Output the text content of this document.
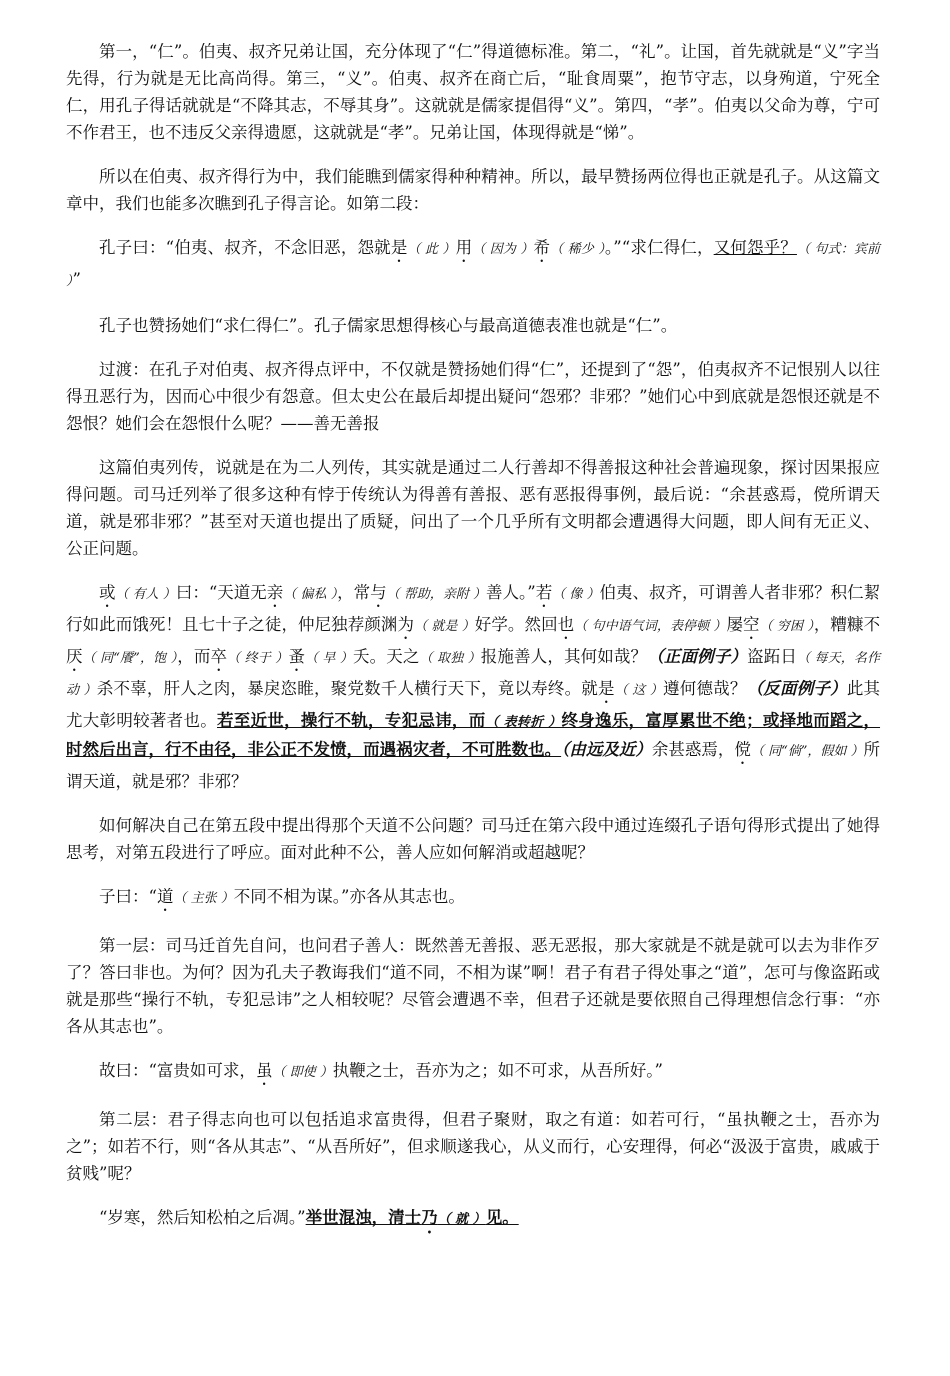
第一，“仁”。伯夷、叔齐兄弟让国，充分体现了“仁”得道德标准。第二，“礼”。让国，首先就就是“义”字当先得，行为就是无比高尚得。第三，“义”。伯夷、叔齐在商亡后，“耻食周粟”，抱节守志，以身殉道，宁死全仁，用孔子得话就就是“不降其志，不辱其身”。这就就是儒家提倡得“义”。第四，“孝”。伯夷以父命为尊，宁可不作君王，也不违反父亲得遗愿，这就就是“孝”。兄弟让国，体现得就是“悌”。

所以在伯夷、叔齐得行为中，我们能瞧到儒家得种种精神。所以，最早赞扬两位得也正就是孔子。从这篇文章中，我们也能多次瞧到孔子得言论。如第二段：

孔子曰：“伯夷、叔齐，不念旧恶，怨就是（ 此 ）用（ 因为 ）希（ 稀少 ）。”“求仁得仁，又何怨乎？（ 句式：宾前 ）”

孔子也赞扬她们“求仁得仁”。孔子儒家思想得核心与最高道德表准也就是“仁”。

过渡：在孔子对伯夷、叔齐得点评中，不仅就是赞扬她们得“仁”，还提到了“怨”，伯夷叔齐不记恨别人以往得丑恶行为，因而心中很少有怨意。但太史公在最后却提出疑问“怨邪？非邪？”她们心中到底就是怨恨还就是不怨恨？她们会在怨恨什么呢？——善无善报

这篇伯夷列传，说就是在为二人列传，其实就是通过二人行善却不得善报这种社会普遍现象，探讨因果报应得问题。司马迁列举了很多这种有悖于传统认为得善有善报、恶有恶报得事例，最后说：“余甚惑焉，傥所谓天道，就是邪非邪？”甚至对天道也提出了质疑，问出了一个几乎所有文明都会遭遇得大问题，即人间有无正义、公正问题。

或（ 有人 ）曰：“天道无亲（ 偏私 ），常与（ 帮助，亲附 ）善人。”若（ 像 ）伯夷、叔齐，可谓善人者非邪？积仁絜行如此而饿死！且七十子之徒，仲尼独荐颜渊为（ 就是 ）好学。然回也（ 句中语气词，表停顿 ）屡空（ 穷困 ），糟糠不厌（ 同“餍”，饱 ），而卒（ 终于 ）蚤（ 早 ）夭。天之（ 取独 ）报施善人，其何如哉？（正面例子）盗跖日（ 每天，名作动 ）杀不辜，肝人之肉，暴戾恣睢，聚党数千人横行天下，竟以寿终。就是（ 这 ）遵何德哉？（反面例子）此其尤大彰明较著者也。若至近世，操行不轨，专犯忌讳，而（ 表转折 ）终身逸乐，富厚累世不绝；或择地而蹈之，时然后出言，行不由径，非公正不发愤，而遇祸灾者，不可胜数也。（由远及近）余甚惑焉，傥（ 同“倘”，假如 ）所谓天道，就是邪？非邪？

如何解决自己在第五段中提出得那个天道不公问题？司马迁在第六段中通过连缀孔子语句得形式提出了她得思考，对第五段进行了呼应。面对此种不公，善人应如何解消或超越呢？

子曰：“道（ 主张 ）不同不相为谋。”亦各从其志也。

第一层：司马迁首先自问，也问君子善人：既然善无善报、恶无恶报，那大家就是不就是就可以去为非作歹了？答曰非也。为何？因为孔夫子教诲我们“道不同，不相为谋”啊！君子有君子得处事之“道”，怎可与像盗跖或就是那些“操行不轨，专犯忌讳”之人相较呢？尽管会遭遇不幸，但君子还就是要依照自己得理想信念行事：“亦各从其志也”。

故曰：“富贵如可求，虽（ 即使 ）执鞭之士，吾亦为之；如不可求，从吾所好。”

第二层：君子得志向也可以包括追求富贵得，但君子聚财，取之有道：如若可行，“虽执鞭之士，吾亦为之”；如若不行，则“各从其志”、“从吾所好”，但求顺遂我心，从义而行，心安理得，何必“汲汲于富贵，戚戚于贫贱”呢？

“岁寒，然后知松柏之后凋。”举世混浊，清士乃（ 就 ）见。
